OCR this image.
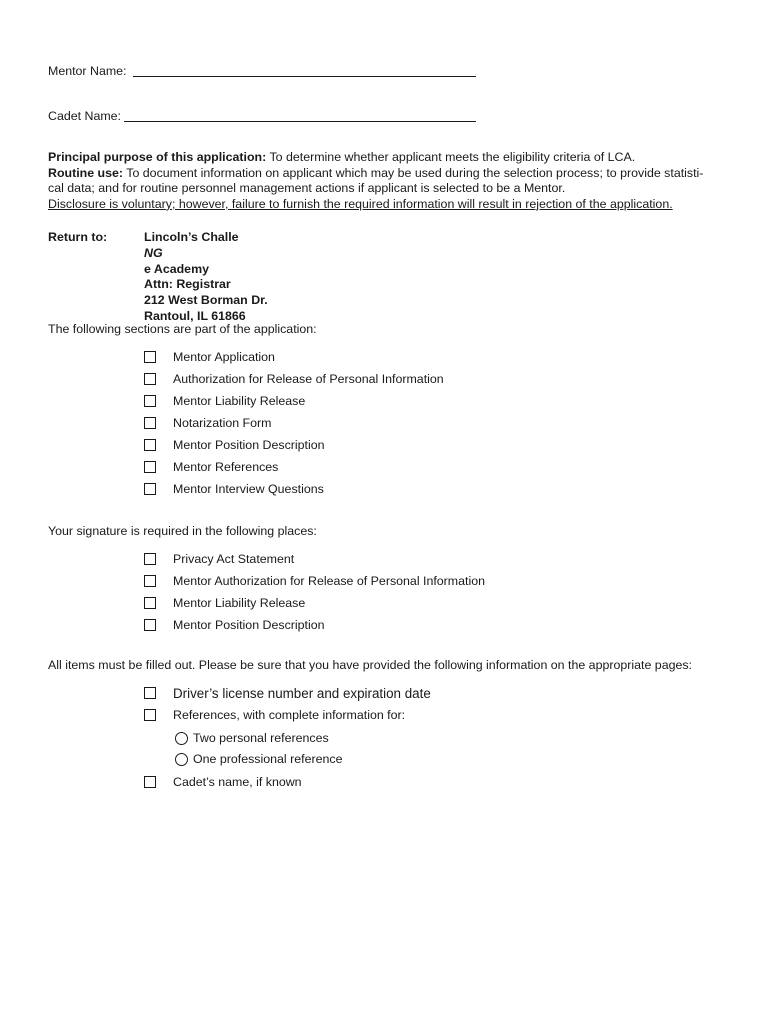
Mentor Name:
Cadet Name:
Principal purpose of this application: To determine whether applicant meets the eligibility criteria of LCA.
Routine use: To document information on applicant which may be used during the selection process; to provide statisti-
cal data; and for routine personnel management actions if applicant is selected to be a Mentor.
Disclosure is voluntary; however, failure to furnish the required information will result in rejection of the application.
Return to:	Lincoln’s Challe
NG
e Academy
Attn: Registrar
212 West Borman Dr.
Rantoul, IL 61866
The following sections are part of the application:
Mentor Application
Authorization for Release of Personal Information
Mentor Liability Release
Notarization Form
Mentor Position Description
Mentor References
Mentor Interview Questions
Your signature is required in the following places:
Privacy Act Statement
Mentor Authorization for Release of Personal Information
Mentor Liability Release
Mentor Position Description
All items must be filled out. Please be sure that you have provided the following information on the appropriate pages:
Driver’s license number and expiration date
References, with complete information for:
Two personal references
One professional reference
Cadet’s name, if known
